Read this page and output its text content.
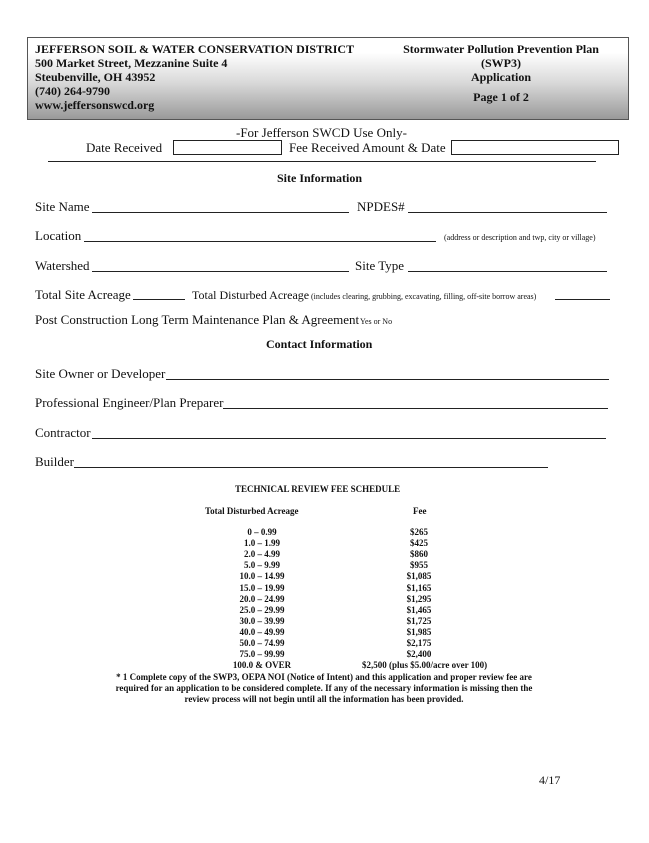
JEFFERSON SOIL & WATER CONSERVATION DISTRICT
500 Market Street, Mezzanine Suite 4
Steubenville, OH 43952
(740) 264-9790
www.jeffersonswcd.org
Stormwater Pollution Prevention Plan
(SWP3)
Application
Page 1 of 2
-For Jefferson SWCD Use Only-
Date Received	Fee Received Amount & Date
Site Information
Site Name	NPDES#
Location	(address or description and twp, city or village)
Watershed	Site Type
Total Site Acreage	Total Disturbed Acreage (includes clearing, grubbing, excavating, filling, off-site borrow areas)
Post Construction Long Term Maintenance Plan & Agreement Yes or No
Contact Information
Site Owner or Developer
Professional Engineer/Plan Preparer
Contractor
Builder
TECHNICAL REVIEW FEE SCHEDULE
Total Disturbed Acreage	Fee
0 – 0.99	$265
1.0 – 1.99	$425
2.0 – 4.99	$860
5.0 – 9.99	$955
10.0 – 14.99	$1,085
15.0 – 19.99	$1,165
20.0 – 24.99	$1,295
25.0 – 29.99	$1,465
30.0 – 39.99	$1,725
40.0 – 49.99	$1,985
50.0 – 74.99	$2,175
75.0 – 99.99	$2,400
100.0 & OVER	$2,500 (plus $5.00/acre over 100)
* 1 Complete copy of the SWP3, OEPA NOI (Notice of Intent) and this application and proper review fee are
required for an application to be considered complete. If any of the necessary information is missing then the
review process will not begin until all the information has been provided.
4/17
